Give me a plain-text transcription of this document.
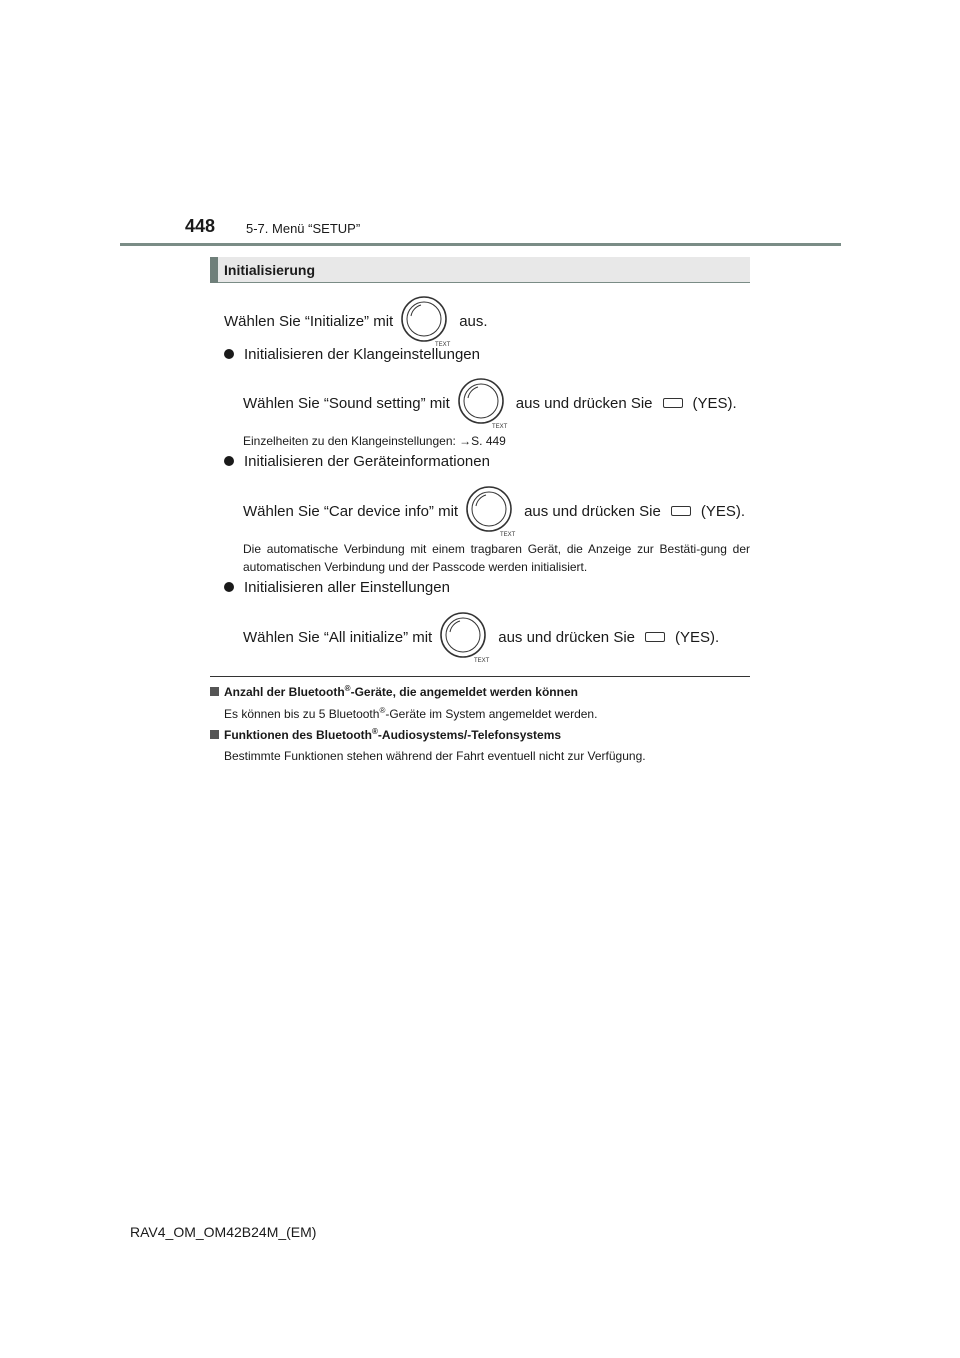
448 5-7. Menü “SETUP”
Initialisierung
Wählen Sie “Initialize” mit	aus.
Initialisieren der Klangeinstellungen
Wählen Sie “Sound setting” mit	aus und drücken Sie	(YES).
Einzelheiten zu den Klangeinstellungen: →S. 449
Initialisieren der Geräteinformationen
Wählen Sie “Car device info” mit	aus und drücken Sie	(YES).
Die automatische Verbindung mit einem tragbaren Gerät, die Anzeige zur Bestäti-gung der automatischen Verbindung und der Passcode werden initialisiert.
Initialisieren aller Einstellungen
Wählen Sie “All initialize” mit	aus und drücken Sie	(YES).
Anzahl der Bluetooth®-Geräte, die angemeldet werden können
Es können bis zu 5 Bluetooth®-Geräte im System angemeldet werden.
Funktionen des Bluetooth®-Audiosystems/-Telefonsystems
Bestimmte Funktionen stehen während der Fahrt eventuell nicht zur Verfügung.
RAV4_OM_OM42B24M_(EM)
